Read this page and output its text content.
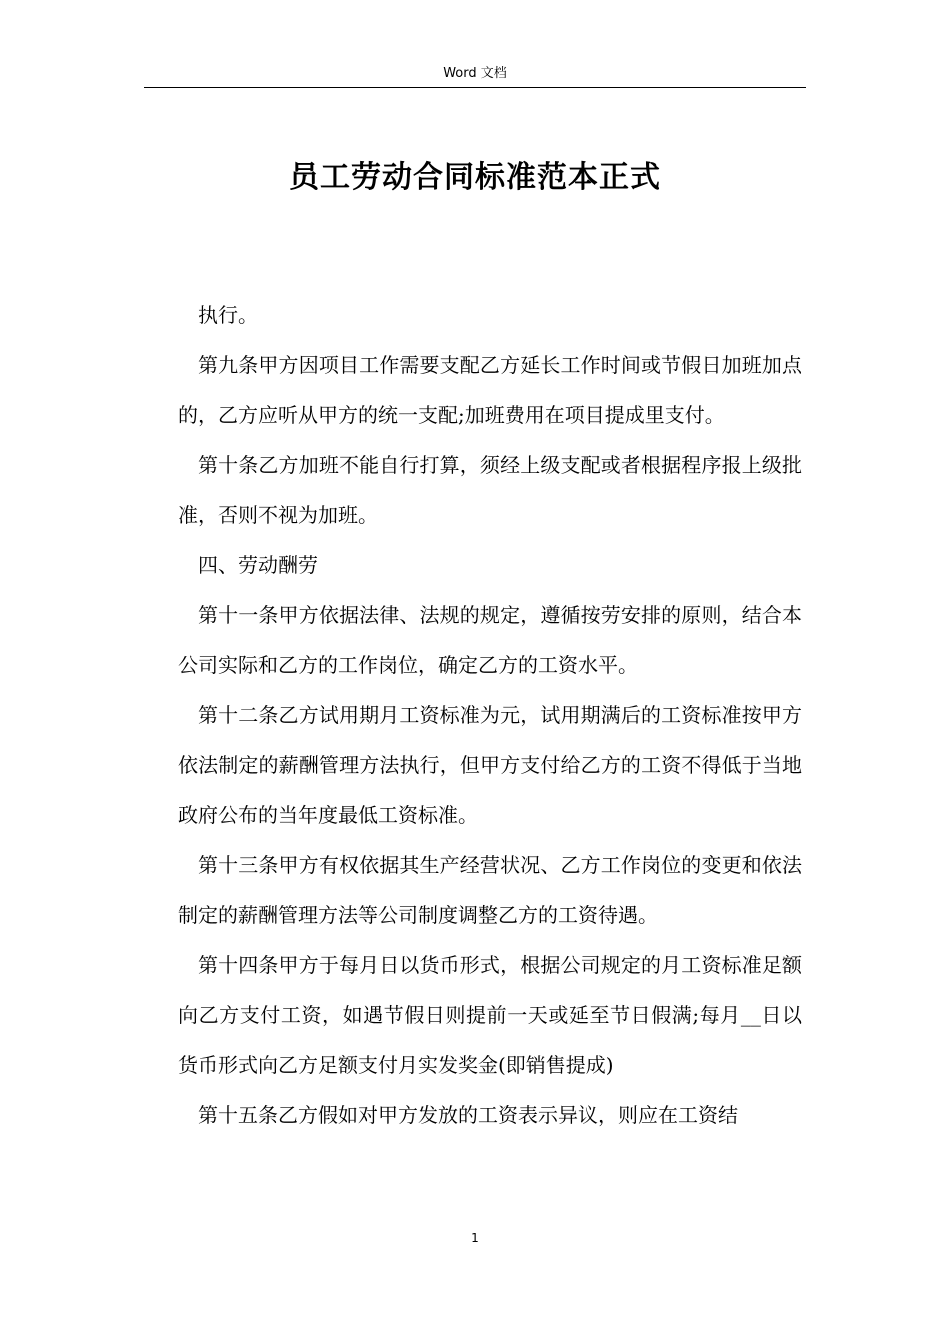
Word 文档
员工劳动合同标准范本正式

执行。

第九条甲方因项目工作需要支配乙方延长工作时间或节假日加班加点的，乙方应听从甲方的统一支配;加班费用在项目提成里支付。

第十条乙方加班不能自行打算，须经上级支配或者根据程序报上级批准，否则不视为加班。

四、劳动酬劳

第十一条甲方依据法律、法规的规定，遵循按劳安排的原则，结合本公司实际和乙方的工作岗位，确定乙方的工资水平。

第十二条乙方试用期月工资标准为元，试用期满后的工资标准按甲方依法制定的薪酬管理方法执行，但甲方支付给乙方的工资不得低于当地政府公布的当年度最低工资标准。

第十三条甲方有权依据其生产经营状况、乙方工作岗位的变更和依法制定的薪酬管理方法等公司制度调整乙方的工资待遇。

第十四条甲方于每月日以货币形式，根据公司规定的月工资标准足额向乙方支付工资，如遇节假日则提前一天或延至节日假满;每月__日以货币形式向乙方足额支付月实发奖金(即销售提成)

第十五条乙方假如对甲方发放的工资表示异议，则应在工资结

1
